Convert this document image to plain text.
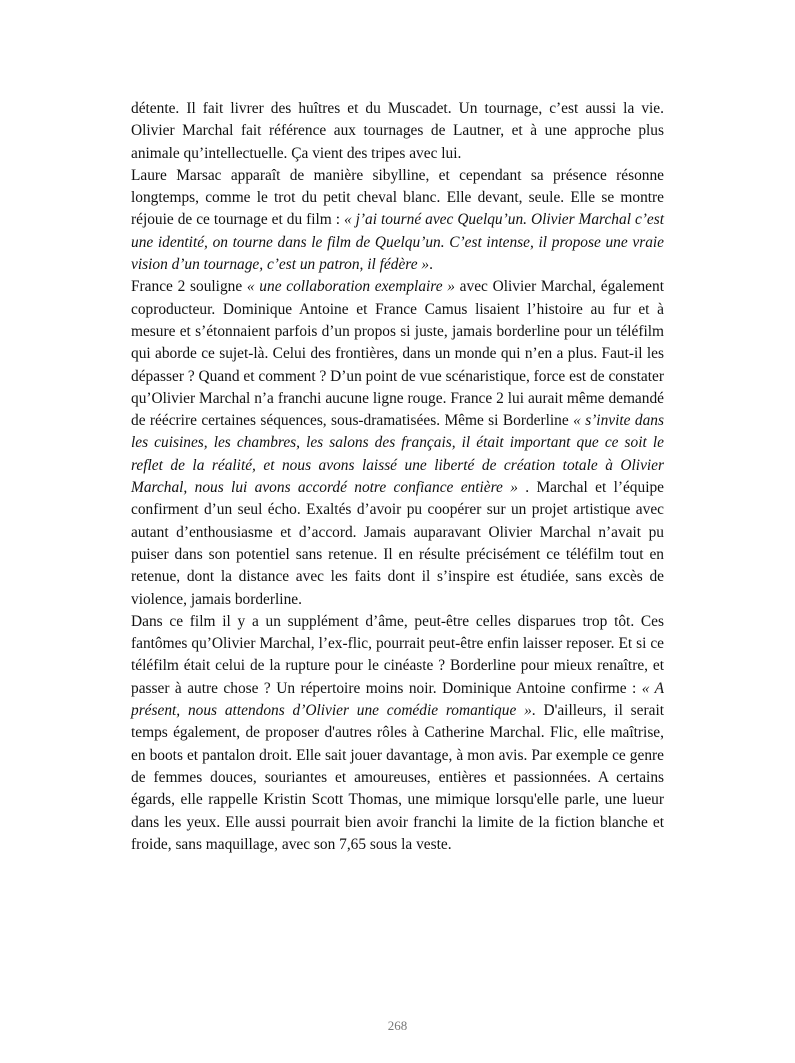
détente. Il fait livrer des huîtres et du Muscadet. Un tournage, c’est aussi la vie. Olivier Marchal fait référence aux tournages de Lautner, et à une approche plus animale qu’intellectuelle. Ça vient des tripes avec lui.

Laure Marsac apparaît de manière sibylline, et cependant sa présence résonne longtemps, comme le trot du petit cheval blanc. Elle devant, seule. Elle se montre réjouie de ce tournage et du film : « j’ai tourné avec Quelqu’un. Olivier Marchal c’est une identité, on tourne dans le film de Quelqu’un. C’est intense, il propose une vraie vision d’un tournage, c’est un patron, il fédère ».

France 2 souligne « une collaboration exemplaire » avec Olivier Marchal, également coproducteur. Dominique Antoine et France Camus lisaient l’histoire au fur et à mesure et s’étonnaient parfois d’un propos si juste, jamais borderline pour un téléfilm qui aborde ce sujet-là. Celui des frontières, dans un monde qui n’en a plus. Faut-il les dépasser ? Quand et comment ? D’un point de vue scénaristique, force est de constater qu’Olivier Marchal n’a franchi aucune ligne rouge. France 2 lui aurait même demandé de réécrire certaines séquences, sous-dramatisées. Même si Borderline « s’invite dans les cuisines, les chambres, les salons des français, il était important que ce soit le reflet de la réalité, et nous avons laissé une liberté de création totale à Olivier Marchal, nous lui avons accordé notre confiance entière » . Marchal et l’équipe confirment d’un seul écho. Exaltés d’avoir pu coopérer sur un projet artistique avec autant d’enthousiasme et d’accord. Jamais auparavant Olivier Marchal n’avait pu puiser dans son potentiel sans retenue. Il en résulte précisément ce téléfilm tout en retenue, dont la distance avec les faits dont il s’inspire est étudiée, sans excès de violence, jamais borderline.

Dans ce film il y a un supplément d’âme, peut-être celles disparues trop tôt. Ces fantômes qu’Olivier Marchal, l’ex-flic, pourrait peut-être enfin laisser reposer. Et si ce téléfilm était celui de la rupture pour le cinéaste ? Borderline pour mieux renaître, et passer à autre chose ? Un répertoire moins noir. Dominique Antoine confirme : « A présent, nous attendons d’Olivier une comédie romantique ». D'ailleurs, il serait temps également, de proposer d'autres rôles à Catherine Marchal. Flic, elle maîtrise, en boots et pantalon droit. Elle sait jouer davantage, à mon avis. Par exemple ce genre de femmes douces, souriantes et amoureuses, entières et passionnées. A certains égards, elle rappelle Kristin Scott Thomas, une mimique lorsqu'elle parle, une lueur dans les yeux. Elle aussi pourrait bien avoir franchi la limite de la fiction blanche et froide, sans maquillage, avec son 7,65 sous la veste.

268
